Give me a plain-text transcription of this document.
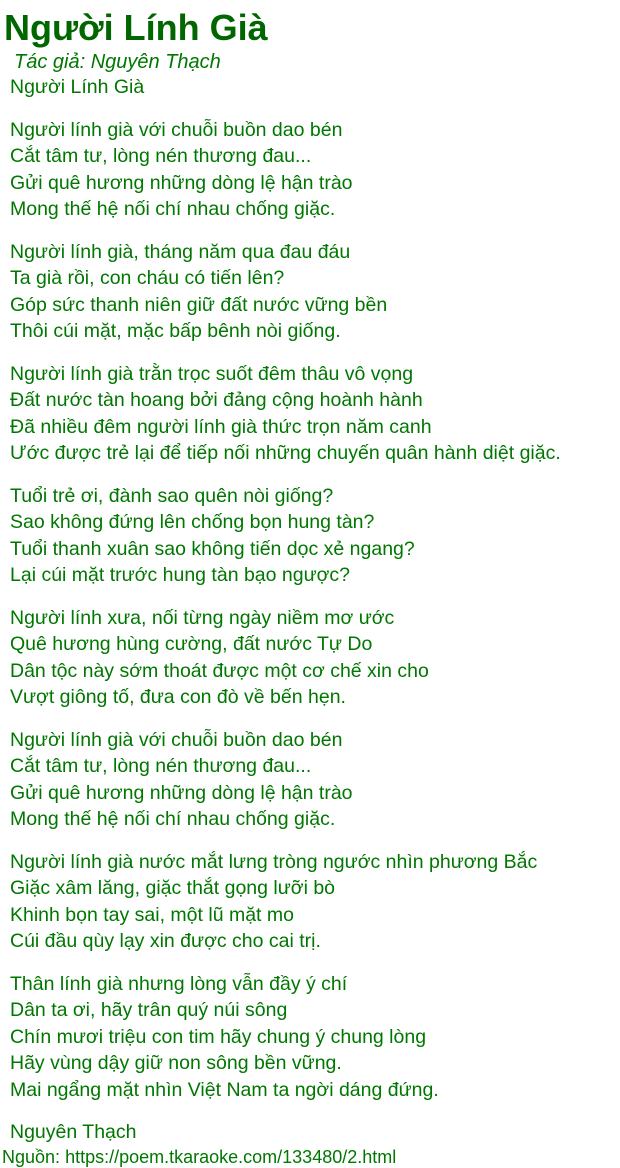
Người Lính Già
Tác giả: Nguyên Thạch
Người Lính Già
Người lính già với chuỗi buồn dao bén
Cắt tâm tư, lòng nén thương đau...
Gửi quê hương những dòng lệ hận trào
Mong thế hệ nối chí nhau chống giặc.
Người lính già, tháng năm qua đau đáu
Ta già rồi, con cháu có tiến lên?
Góp sức thanh niên giữ đất nước vững bền
Thôi cúi mặt, mặc bấp bênh nòi giống.
Người lính già trằn trọc suốt đêm thâu vô vọng
Đất nước tàn hoang bởi đảng cộng hoành hành
Đã nhiều đêm người lính già thức trọn năm canh
Ước được trẻ lại để tiếp nối những chuyến quân hành diệt giặc.
Tuổi trẻ ơi, đành sao quên nòi giống?
Sao không đứng lên chống bọn hung tàn?
Tuổi thanh xuân sao không tiến dọc xẻ ngang?
Lại cúi mặt trước hung tàn bạo ngược?
Người lính xưa, nối từng ngày niềm mơ ước
Quê hương hùng cường, đất nước Tự Do
Dân tộc này sớm thoát được một cơ chế xin cho
Vượt giông tố, đưa con đò về bến hẹn.
Người lính già với chuỗi buồn dao bén
Cắt tâm tư, lòng nén thương đau...
Gửi quê hương những dòng lệ hận trào
Mong thế hệ nối chí nhau chống giặc.
Người lính già nước mắt lưng tròng ngước nhìn phương Bắc
Giặc xâm lăng, giặc thắt gọng lưỡi bò
Khinh bọn tay sai, một lũ mặt mo
Cúi đầu qùy lạy xin được cho cai trị.
Thân lính già nhưng lòng vẫn đầy ý chí
Dân ta ơi, hãy trân quý núi sông
Chín mươi triệu con tim hãy chung ý chung lòng
Hãy vùng dậy giữ non sông bền vững.
Mai ngẩng mặt nhìn Việt Nam ta ngời dáng đứng.
Nguyên Thạch
Nguồn: https://poem.tkaraoke.com/133480/2.html
